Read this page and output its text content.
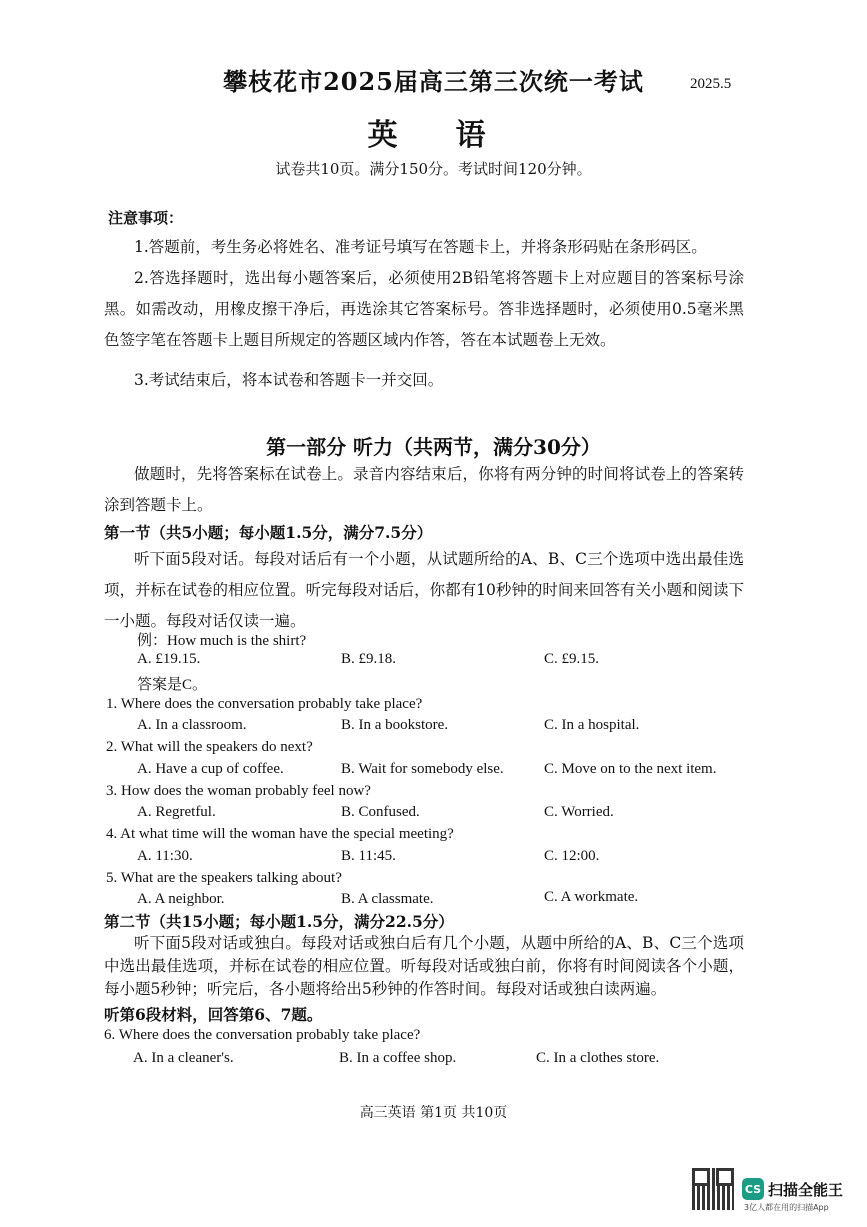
攀枝花市2025届高三第三次统一考试	2025.5
英　语
试卷共10页。满分150分。考试时间120分钟。
注意事项：
1.答题前，考生务必将姓名、准考证号填写在答题卡上，并将条形码贴在条形码区。
2.答选择题时，选出每小题答案后，必须使用2B铅笔将答题卡上对应题目的答案标号涂黑。如需改动，用橡皮擦干净后，再选涂其它答案标号。答非选择题时，必须使用0.5毫米黑色签字笔在答题卡上题目所规定的答题区域内作答，答在本试题卷上无效。
3.考试结束后，将本试卷和答题卡一并交回。
第一部分 听力（共两节，满分30分）
做题时，先将答案标在试卷上。录音内容结束后，你将有两分钟的时间将试卷上的答案转涂到答题卡上。
第一节（共5小题；每小题1.5分，满分7.5分）
听下面5段对话。每段对话后有一个小题，从试题所给的A、B、C三个选项中选出最佳选项，并标在试卷的相应位置。听完每段对话后，你都有10秒钟的时间来回答有关小题和阅读下一小题。每段对话仅读一遍。
例：How much is the shirt?
A. £19.15.	B. £9.18.	C. £9.15.
答案是C。
1. Where does the conversation probably take place?
A. In a classroom.	B. In a bookstore.	C. In a hospital.
2. What will the speakers do next?
A. Have a cup of coffee.	B. Wait for somebody else.	C. Move on to the next item.
3. How does the woman probably feel now?
A. Regretful.	B. Confused.	C. Worried.
4. At what time will the woman have the special meeting?
A. 11:30.	B. 11:45.	C. 12:00.
5. What are the speakers talking about?
A. A neighbor.	B. A classmate.	C. A workmate.
第二节（共15小题；每小题1.5分，满分22.5分）
听下面5段对话或独白。每段对话或独白后有几个小题，从题中所给的A、B、C三个选项中选出最佳选项，并标在试卷的相应位置。听每段对话或独白前，你将有时间阅读各个小题，每小题5秒钟；听完后，各小题将给出5秒钟的作答时间。每段对话或独白读两遍。
听第6段材料，回答第6、7题。
6. Where does the conversation probably take place?
A. In a cleaner's.	B. In a coffee shop.	C. In a clothes store.
高三英语 第1页 共10页
CS 扫描全能王
3亿人都在用的扫描App
